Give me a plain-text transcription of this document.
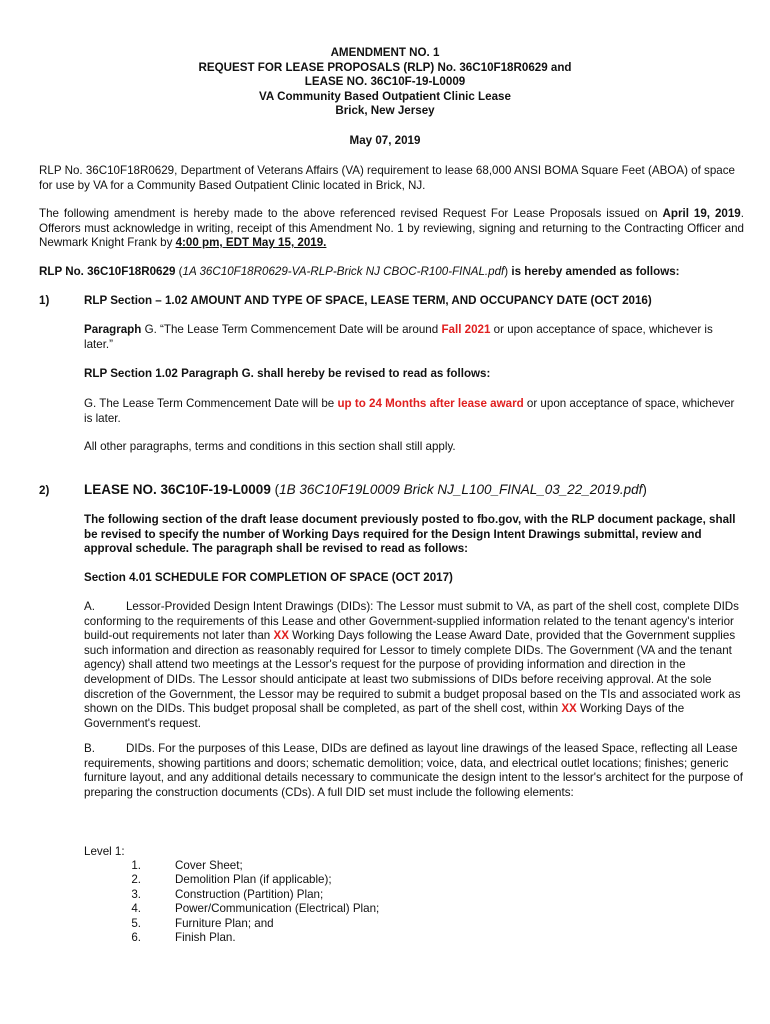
AMENDMENT NO. 1
REQUEST FOR LEASE PROPOSALS (RLP) No. 36C10F18R0629 and
LEASE NO. 36C10F-19-L0009
VA Community Based Outpatient Clinic Lease
Brick, New Jersey
May 07, 2019
RLP No. 36C10F18R0629, Department of Veterans Affairs (VA) requirement to lease 68,000 ANSI BOMA Square Feet (ABOA) of space for use by VA for a Community Based Outpatient Clinic located in Brick, NJ.
The following amendment is hereby made to the above referenced revised Request For Lease Proposals issued on April 19, 2019. Offerors must acknowledge in writing, receipt of this Amendment No. 1 by reviewing, signing and returning to the Contracting Officer and Newmark Knight Frank by 4:00 pm, EDT May 15, 2019.
RLP No. 36C10F18R0629 (1A 36C10F18R0629-VA-RLP-Brick NJ CBOC-R100-FINAL.pdf) is hereby amended as follows:
1)	RLP Section – 1.02 AMOUNT AND TYPE OF SPACE, LEASE TERM, AND OCCUPANCY DATE (OCT 2016)
Paragraph G. “The Lease Term Commencement Date will be around Fall 2021 or upon acceptance of space, whichever is later.”
RLP Section 1.02 Paragraph G. shall hereby be revised to read as follows:
G. The Lease Term Commencement Date will be up to 24 Months after lease award or upon acceptance of space, whichever is later.
All other paragraphs, terms and conditions in this section shall still apply.
2)	LEASE NO. 36C10F-19-L0009 (1B 36C10F19L0009 Brick NJ_L100_FINAL_03_22_2019.pdf)
The following section of the draft lease document previously posted to fbo.gov, with the RLP document package, shall be revised to specify the number of Working Days required for the Design Intent Drawings submittal, review and approval schedule. The paragraph shall be revised to read as follows:
Section 4.01 SCHEDULE FOR COMPLETION OF SPACE (OCT 2017)
A.	Lessor-Provided Design Intent Drawings (DIDs): The Lessor must submit to VA, as part of the shell cost, complete DIDs conforming to the requirements of this Lease and other Government-supplied information related to the tenant agency's interior build-out requirements not later than XX Working Days following the Lease Award Date, provided that the Government supplies such information and direction as reasonably required for Lessor to timely complete DIDs. The Government (VA and the tenant agency) shall attend two meetings at the Lessor's request for the purpose of providing information and direction in the development of DIDs. The Lessor should anticipate at least two submissions of DIDs before receiving approval. At the sole discretion of the Government, the Lessor may be required to submit a budget proposal based on the TIs and associated work as shown on the DIDs. This budget proposal shall be completed, as part of the shell cost, within XX Working Days of the Government's request.
B.	DIDs. For the purposes of this Lease, DIDs are defined as layout line drawings of the leased Space, reflecting all Lease requirements, showing partitions and doors; schematic demolition; voice, data, and electrical outlet locations; finishes; generic furniture layout, and any additional details necessary to communicate the design intent to the lessor's architect for the purpose of preparing the construction documents (CDs). A full DID set must include the following elements:
Level 1:
1.	Cover Sheet;
2.	Demolition Plan (if applicable);
3.	Construction (Partition) Plan;
4.	Power/Communication (Electrical) Plan;
5.	Furniture Plan; and
6.	Finish Plan.
